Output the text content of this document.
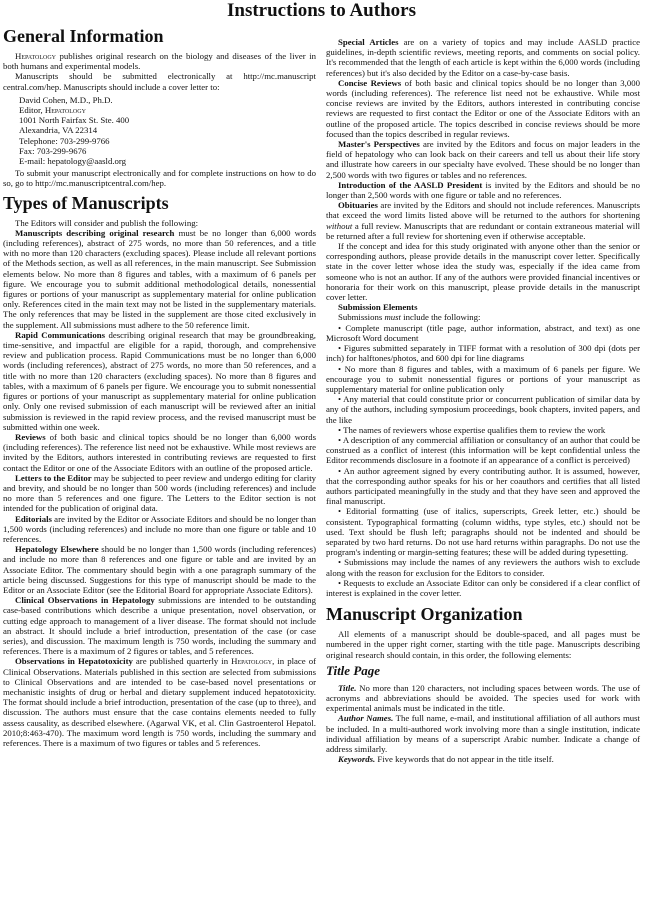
Instructions to Authors
General Information

Hepatology publishes original research on the biology and diseases of the liver in both humans and experimental models.

Manuscripts should be submitted electronically at http://mc.manuscript central.com/hep. Manuscripts should include a cover letter to:

David Cohen, M.D., Ph.D.
Editor, Hepatology
1001 North Fairfax St. Ste. 400
Alexandria, VA 22314
Telephone: 703-299-9766
Fax: 703-299-9676
E-mail: hepatology@aasld.org

To submit your manuscript electronically and for complete instructions on how to do so, go to http://mc.manuscriptcentral.com/hep.

Types of Manuscripts

The Editors will consider and publish the following:

Manuscripts describing original research must be no longer than 6,000 words (including references), abstract of 275 words, no more than 50 references, and a title with no more than 120 characters (excluding spaces). Please include all relevant portions of the Methods section, as well as all references, in the main manuscript. See Submission elements below. No more than 8 figures and tables, with a maximum of 6 panels per figure. We encourage you to submit additional methodological details, nonessential figures or portions of your manuscript as supplementary material for online publication only. References cited in the main text may not be listed in the supplementary materials. The only references that may be listed in the supplement are those cited exclusively in the supplement. All submissions must adhere to the 50 reference limit.

Rapid Communications describing original research that may be groundbreaking, time-sensitive, and impactful are eligible for a rapid, thorough, and comprehensive review and publication process. Rapid Communications must be no longer than 6,000 words (including references), abstract of 275 words, no more than 50 references, and a title with no more than 120 characters (excluding spaces). No more than 8 figures and tables, with a maximum of 6 panels per figure. We encourage you to submit nonessential figures or portions of your manuscript as supplementary material for online publication only. Only one revised submission of each manuscript will be reviewed after an initial submission is reviewed in the rapid review process, and the revised manuscript must be submitted within one week.

Reviews of both basic and clinical topics should be no longer than 6,000 words (including references). The reference list need not be exhaustive. While most reviews are invited by the Editors, authors interested in contributing reviews are requested to first contact the Editor or one of the Associate Editors with an outline of the proposed article.

Letters to the Editor may be subjected to peer review and undergo editing for clarity and brevity, and should be no longer than 500 words (including references) and include no more than 5 references and one figure. The Letters to the Editor section is not intended for the publication of original data.

Editorials are invited by the Editor or Associate Editors and should be no longer than 1,500 words (including references) and include no more than one figure or table and 10 references.

Hepatology Elsewhere should be no longer than 1,500 words (including references) and include no more than 8 references and one figure or table and are invited by an Associate Editor. The commentary should begin with a one paragraph summary of the article being discussed. Suggestions for this type of manuscript should be made to the Editor or an Associate Editor (see the Editorial Board for appropriate Associate Editors).

Clinical Observations in Hepatology submissions are intended to be outstanding case-based contributions which describe a unique presentation, novel observation, or cutting edge approach to management of a liver disease. The format should not include an abstract. It should include a brief introduction, presentation of the case (or case series), and discussion. The maximum length is 750 words, including the summary and references. There is a maximum of 2 figures or tables, and 5 references.

Observations in Hepatotoxicity are published quarterly in Hepatology, in place of Clinical Observations. Materials published in this section are selected from submissions to Clinical Observations and are intended to be case-based novel presentations or mechanistic insights of drug or herbal and dietary supplement induced hepatotoxicity. The format should include a brief introduction, presentation of the case (up to three), and discussion. The authors must ensure that the case contains elements needed to fully assess causality, as described elsewhere. (Agarwal VK, et al. Clin Gastroenterol Hepatol. 2010;8:463-470). The maximum word length is 750 words, including the summary and references. There is a maximum of two figures or tables and 5 references.

Special Articles are on a variety of topics and may include AASLD practice guidelines, in-depth scientific reviews, meeting reports, and comments on social policy. It's recommended that the length of each article is kept within the 6,000 words (including references) but it's also decided by the Editor on a case-by-case basis.

Concise Reviews of both basic and clinical topics should be no longer than 3,000 words (including references). The reference list need not be exhaustive. While most concise reviews are invited by the Editors, authors interested in contributing concise reviews are requested to first contact the Editor or one of the Associate Editors with an outline of the proposed article. The topics described in concise reviews should be more focused than the topics described in regular reviews.

Master's Perspectives are invited by the Editors and focus on major leaders in the field of hepatology who can look back on their careers and tell us about their life story and illustrate how careers in our specialty have evolved. These should be no longer than 2,500 words with two figures or tables and no references.

Introduction of the AASLD President is invited by the Editors and should be no longer than 2,500 words with one figure or table and no references.

Obituaries are invited by the Editors and should not include references. Manuscripts that exceed the word limits listed above will be returned to the authors for shortening without a full review. Manuscripts that are redundant or contain extraneous material will be returned after a full review for shortening even if otherwise acceptable.

If the concept and idea for this study originated with anyone other than the senior or corresponding authors, please provide details in the manuscript cover letter. Specifically state in the cover letter whose idea the study was, especially if the idea came from someone who is not an author. If any of the authors were provided financial incentives or honoraria for their work on this manuscript, please provide details in the manuscript cover letter.

Submission Elements

Submissions must include the following:

• Complete manuscript (title page, author information, abstract, and text) as one Microsoft Word document

• Figures submitted separately in TIFF format with a resolution of 300 dpi (dots per inch) for halftones/photos, and 600 dpi for line diagrams

• No more than 8 figures and tables, with a maximum of 6 panels per figure. We encourage you to submit nonessential figures or portions of your manuscript as supplementary material for online publication only

• Any material that could constitute prior or concurrent publication of similar data by any of the authors, including symposium proceedings, book chapters, invited papers, and the like

• The names of reviewers whose expertise qualifies them to review the work

• A description of any commercial affiliation or consultancy of an author that could be construed as a conflict of interest (this information will be kept confidential unless the Editor recommends disclosure in a footnote if an appearance of a conflict is perceived)

• An author agreement signed by every contributing author. It is assumed, however, that the corresponding author speaks for his or her coauthors and certifies that all listed authors participated meaningfully in the study and that they have seen and approved the final manuscript.

• Editorial formatting (use of italics, superscripts, Greek letter, etc.) should be consistent. Typographical formatting (column widths, type styles, etc.) should not be used. Text should be flush left; paragraphs should not be indented and should be separated by two hard returns. Do not use hard returns within paragraphs. Do not use the program's indenting or margin-setting features; these will be added during typesetting.

• Submissions may include the names of any reviewers the authors wish to exclude along with the reason for exclusion for the Editors to consider.

• Requests to exclude an Associate Editor can only be considered if a clear conflict of interest is explained in the cover letter.

Manuscript Organization

All elements of a manuscript should be double-spaced, and all pages must be numbered in the upper right corner, starting with the title page. Manuscripts describing original research should contain, in this order, the following elements:

Title Page

Title. No more than 120 characters, not including spaces between words. The use of acronyms and abbreviations should be avoided. The species used for work with experimental animals must be indicated in the title.

Author Names. The full name, e-mail, and institutional affiliation of all authors must be included. In a multi-authored work involving more than a single institution, indicate individual affiliation by means of a superscript Arabic number. Indicate a change of address similarly.

Keywords. Five keywords that do not appear in the title itself.
